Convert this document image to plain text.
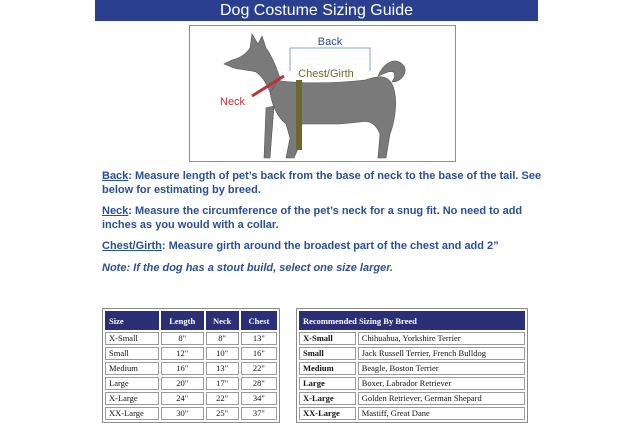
Dog Costume Sizing Guide
Back
Chest/Girth
Neck

Back: Measure length of pet’s back from the base of neck to the base of the tail. See below for estimating by breed.

Neck: Measure the circumference of the pet’s neck for a snug fit. No need to add inches as you would with a collar.

Chest/Girth: Measure girth around the broadest part of the chest and add 2”

Note: If the dog has a stout build, select one size larger.

Size	Length	Neck	Chest
X-Small	8"	8"	13"
Small	12"	10"	16"
Medium	16"	13"	22"
Large	20"	17"	28"
X-Large	24"	22"	34"
XX-Large	30"	25"	37"
Recommended Sizing By Breed	
X-Small	Chihuahua, Yorkshire Terrier
Small	Jack Russell Terrier, French Bulldog
Medium	Beagle, Boston Terrier
Large	Boxer, Labrador Retriever
X-Large	Golden Retriever, German Shepard
XX-Large	Mastiff, Great Dane
